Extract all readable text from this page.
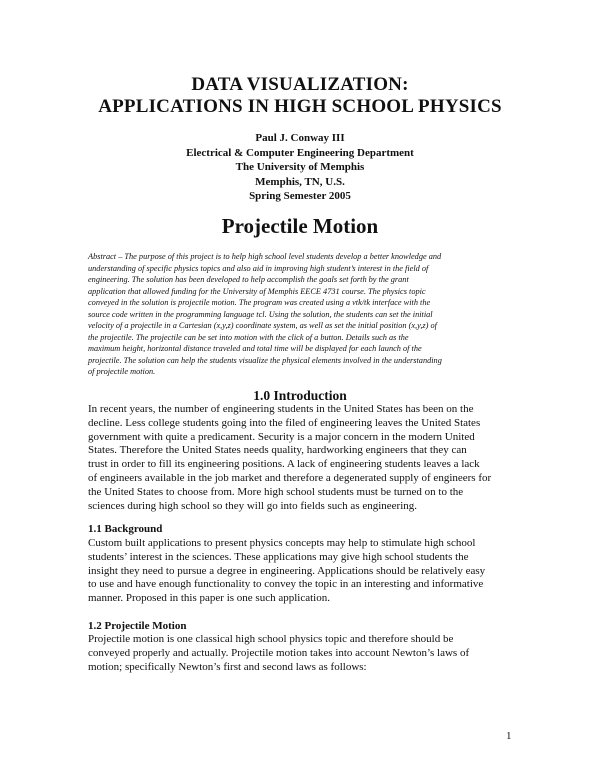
DATA VISUALIZATION:
APPLICATIONS IN HIGH SCHOOL PHYSICS
Paul J. Conway III
Electrical & Computer Engineering Department
The University of Memphis
Memphis, TN, U.S.
Spring Semester 2005
Projectile Motion
Abstract – The purpose of this project is to help high school level students develop a better knowledge and
understanding of specific physics topics and also aid in improving high student’s interest in the field of
engineering. The solution has been developed to help accomplish the goals set forth by the grant
application that allowed funding for the University of Memphis EECE 4731 course. The physics topic
conveyed in the solution is projectile motion. The program was created using a vtk/tk interface with the
source code written in the programming language tcl. Using the solution, the students can set the initial
velocity of a projectile in a Cartesian (x,y,z) coordinate system, as well as set the initial position (x,y,z) of
the projectile. The projectile can be set into motion with the click of a button. Details such as the
maximum height, horizontal distance traveled and total time will be displayed for each launch of the
projectile. The solution can help the students visualize the physical elements involved in the understanding
of projectile motion.
1.0 Introduction
In recent years, the number of engineering students in the United States has been on the
decline. Less college students going into the filed of engineering leaves the United States
government with quite a predicament. Security is a major concern in the modern United
States. Therefore the United States needs quality, hardworking engineers that they can
trust in order to fill its engineering positions. A lack of engineering students leaves a lack
of engineers available in the job market and therefore a degenerated supply of engineers for
the United States to choose from. More high school students must be turned on to the
sciences during high school so they will go into fields such as engineering.
1.1 Background
Custom built applications to present physics concepts may help to stimulate high school
students’ interest in the sciences. These applications may give high school students the
insight they need to pursue a degree in engineering. Applications should be relatively easy
to use and have enough functionality to convey the topic in an interesting and informative
manner. Proposed in this paper is one such application.
1.2 Projectile Motion
Projectile motion is one classical high school physics topic and therefore should be
conveyed properly and actually. Projectile motion takes into account Newton’s laws of
motion; specifically Newton’s first and second laws as follows:
1
